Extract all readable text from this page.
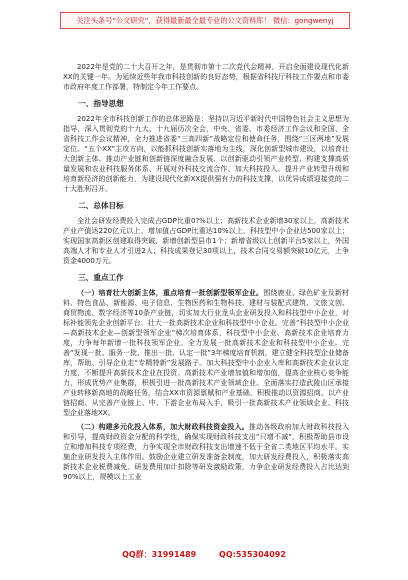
关注头条号“公文研究”，获得最新最全最专业的公文资料库！ 微信：gongwenyj

2022年是党的二十大召开之年，是贯彻市第十二次党代会精神、开启全面建设现代化新XX的关键一年。为延续近些年我市科技创新的良好态势，根据省科技厅科技工作要点和市委市政府年度工作部署，特制定今年工作要点。

一、指导思想

2022年全市科技创新工作的总体思路是：坚持以习近平新时代中国特色社会主义思想为指导，深入贯彻党的十九大、十九届历次全会，中央、省委、市委经济工作会议和全国、全省科技工作会议精神，全力推进省委“三高四新”战略定位和使命任务，围绕“三区两地”发展定位、“五个XX”主攻方向，以能抓科技创新实落地为主线，深化创新型城市建设，以培育壮大创新主体、推动产业链和创新链深度融合发展、以创新驱动引领产业转型、构建支撑高质量发展和农业科技服务体系、开展对外科技交流合作、加大科技投入、提升产业转型升级和培育新经济的创新能力，为建设现代化新XX提供强有力的科技支撑，以优异成绩迎接党的二十大胜利召开。

二、总体目标

全社会研发经费投入完成占GDP比重0?%以上；高新技术企业新增30家以上，高新技术产业产值达220亿元以上、增加值占GDP比重达10%以上，科技型中小企业达500家以上；实现国家高新区创建取得突破，新增创新型县市1个；新增省级以上创新平台5家以上，外国高端人才和专业人才引进2人；科技成果登记30项以上，技术合同交易额突破10亿元，上争资金4000万元。

三、重点工作

（一）培育壮大创新主体，重点培育一批创新型领军企业。围绕鹿业、绿色矿业及新材料、特色食品、新能源、电子信息、生物医药和生物科技、建材与装配式建筑、文旅文创、商贸物流、数字经济等10条产业链，切实加大行业龙头企业研发投入和科技型中小企业，对标补能领先企业创新平台、壮大一批高新技术企业和科技型中小企业。完善“科技型中小企业—高新技术企业—创新型领军企业”梯次培育体系，科技型中小企业、高新技术企业培育力度，力争每年新增一批科技领军企业。全力发展一批高新技术企业和科技型中小企业。完善“发现一批、服务一批、推出一批、认定一批”3年梯度培育机制，建立健全科技型企业储备库，帮助、引导企业走“专精特新”发展路子。加大科技型中小企业入库和高新技术企业认定力度，不断提升高新技术企业在投资、高新技术产业增加值和增加值，提高企业核心竞争能力，形成优势产业集群，积极引进一批高新技术产业领域企业。全面落实打造武陵山区承接产业转移新高地的战略任务，结合XX市资源禀赋和产业基础，积极推动以资源招商、以产业链招商、从完善产业链上、中、下游企业布局入手，吸引一批高新技术产业领域企业、科技型企业落地XX。

（二）构建多元化投入体系，加大财政科技资金投入。推动各级政府加大财政科技投入和引导，提高财政资金分配的科学性，确保实现财政科技支出“只增不减”，积极帮助县市设立和增加科技专项经费，力争实现全市财政科技支出增速不低于全省二类地区平均水平。实施企业研发投入主体作用。鼓励企业建立研发准备金制度，加大研发经费投入，积极落实高新技术企业税费减免、研发费用加计扣除等研发激励政策，力争企业研发经费投入占比达到90%以上，规模以上工业

QQ群：31991489	QQ:535304092
